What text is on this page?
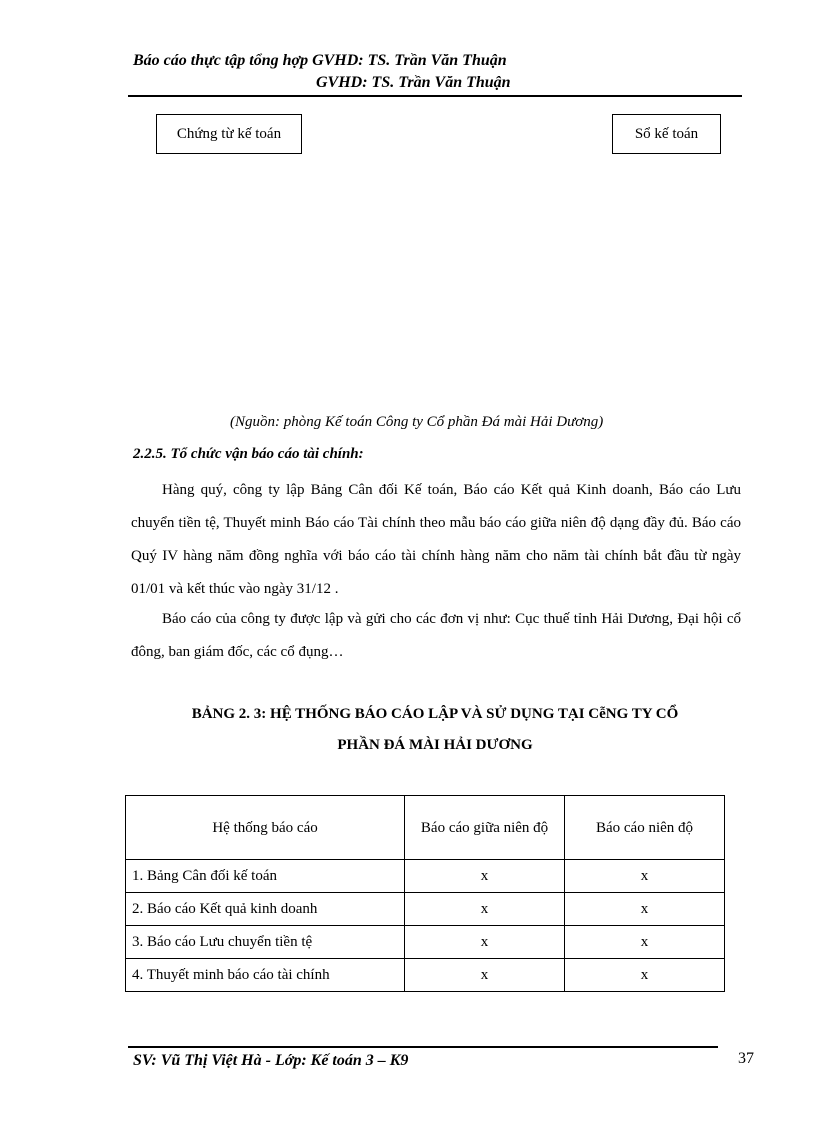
Báo cáo thực tập tổng hợp GVHD: TS. Trần Văn Thuận
GVHD: TS. Trần Văn Thuận
Chứng từ kế toán	Sổ kế toán
(Nguồn: phòng Kế toán Công ty Cổ phần Đá mài Hải Dương)
2.2.5. Tổ chức vận báo cáo tài chính:

Hàng quý, công ty lập Bảng Cân đối Kế toán, Báo cáo Kết quả Kinh doanh, Báo cáo Lưu chuyển tiền tệ, Thuyết minh Báo cáo Tài chính theo mẫu báo cáo giữa niên độ dạng đầy đủ. Báo cáo Quý IV hàng năm đồng nghĩa với báo cáo tài chính hàng năm cho năm tài chính bắt đầu từ ngày 01/01 và kết thúc vào ngày 31/12 .

Báo cáo của công ty được lập và gửi cho các đơn vị như: Cục thuế tỉnh Hải Dương, Đại hội cổ đông, ban giám đốc, các cổ đụng…

BẢNG 2. 3: HỆ THỐNG BÁO CÁO LẬP VÀ SỬ DỤNG TẠI CễNG TY CỔ
PHẦN ĐÁ MÀI HẢI DƯƠNG
Hệ thống báo cáo	Báo cáo giữa niên độ	Báo cáo niên độ
1. Bảng Cân đối kế toán	x	x
2. Báo cáo Kết quả kinh doanh	x	x
3. Báo cáo Lưu chuyển tiền tệ	x	x
4. Thuyết minh báo cáo tài chính	x	x
SV: Vũ Thị Việt Hà - Lớp: Kế toán 3 – K9	37
